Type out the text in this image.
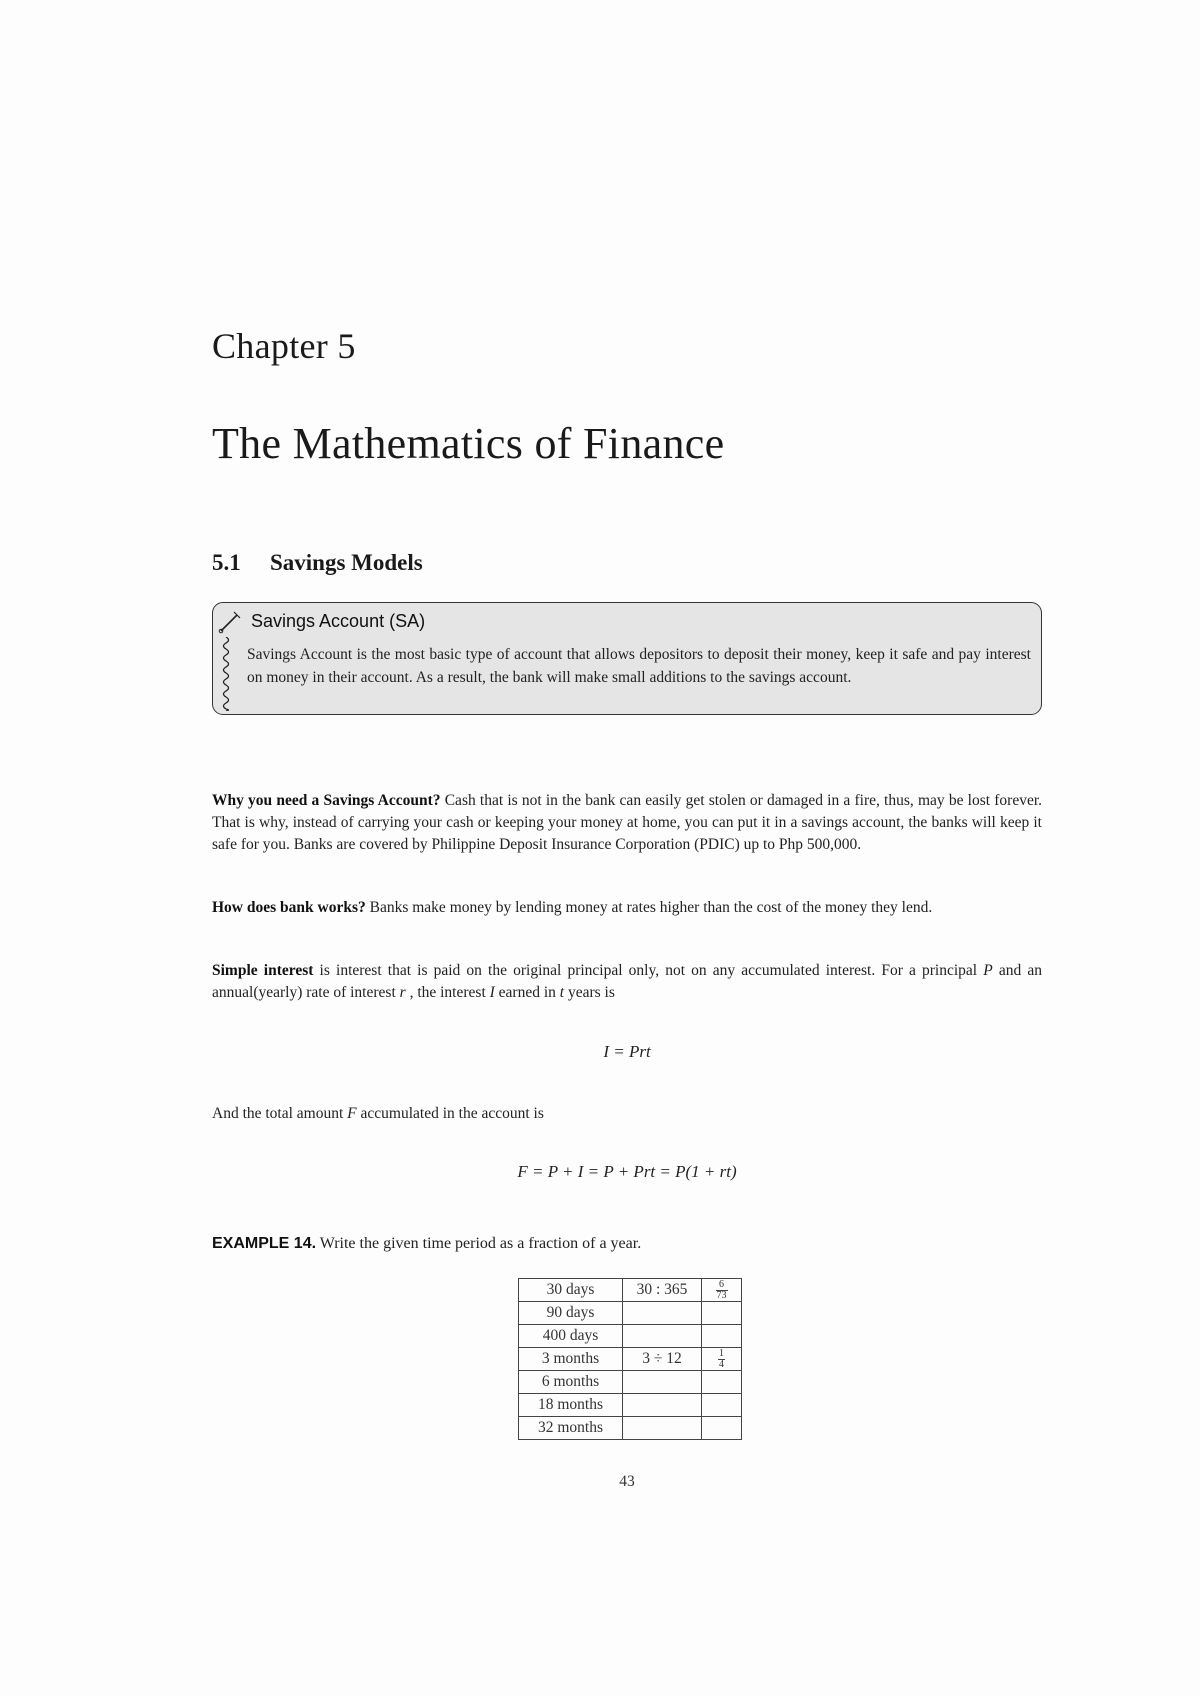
Chapter 5
The Mathematics of Finance
5.1 Savings Models
Savings Account (SA)
Savings Account is the most basic type of account that allows depositors to deposit their money, keep it safe and pay interest on money in their account. As a result, the bank will make small additions to the savings account.
Why you need a Savings Account? Cash that is not in the bank can easily get stolen or damaged in a fire, thus, may be lost forever. That is why, instead of carrying your cash or keeping your money at home, you can put it in a savings account, the banks will keep it safe for you. Banks are covered by Philippine Deposit Insurance Corporation (PDIC) up to Php 500,000.
How does bank works? Banks make money by lending money at rates higher than the cost of the money they lend.
Simple interest is interest that is paid on the original principal only, not on any accumulated interest. For a principal P and an annual(yearly) rate of interest r , the interest I earned in t years is
I = Prt
And the total amount F accumulated in the account is
F = P + I = P + Prt = P(1 + rt)
EXAMPLE 14. Write the given time period as a fraction of a year.
30 days	30 : 365	$\frac{6}{73}$

90 days		
400 days		
3 months	3 ÷ 12	$\frac{1}{4}$

6 months		
18 months		
32 months		
43
